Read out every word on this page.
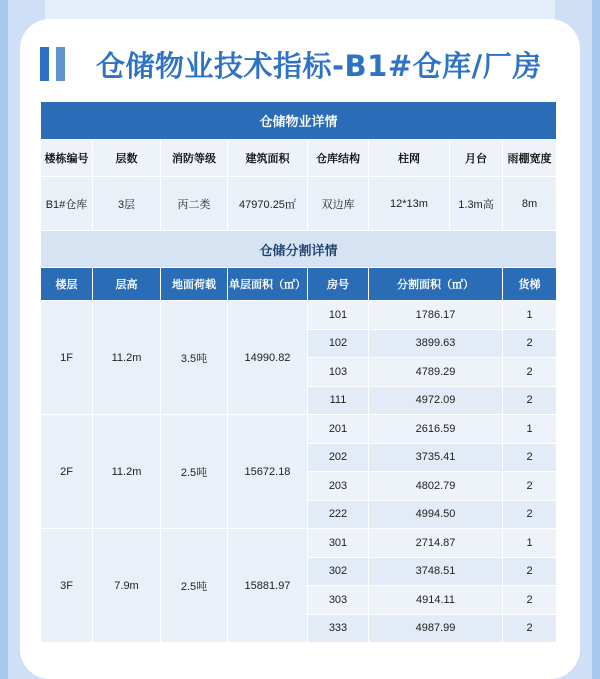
仓储物业技术指标-B1#仓库/厂房
仓储物业详情							
楼栋编号	层数	消防等级	建筑面积	仓库结构	柱网	月台	雨棚宽度
B1#仓库	3层	丙二类	47970.25㎡	双边库	12*13m	1.3m高	8m
仓储分割详情						
楼层	层高	地面荷载	单层面积（㎡）	房号	分割面积（㎡）	货梯
1F	11.2m	3.5吨	14990.82	101	1786.17	1
				102	3899.63	2
				103	4789.29	2
				111	4972.09	2
2F	11.2m	2.5吨	15672.18	201	2616.59	1
				202	3735.41	2
				203	4802.79	2
				222	4994.50	2
3F	7.9m	2.5吨	15881.97	301	2714.87	1
				302	3748.51	2
				303	4914.11	2
				333	4987.99	2
